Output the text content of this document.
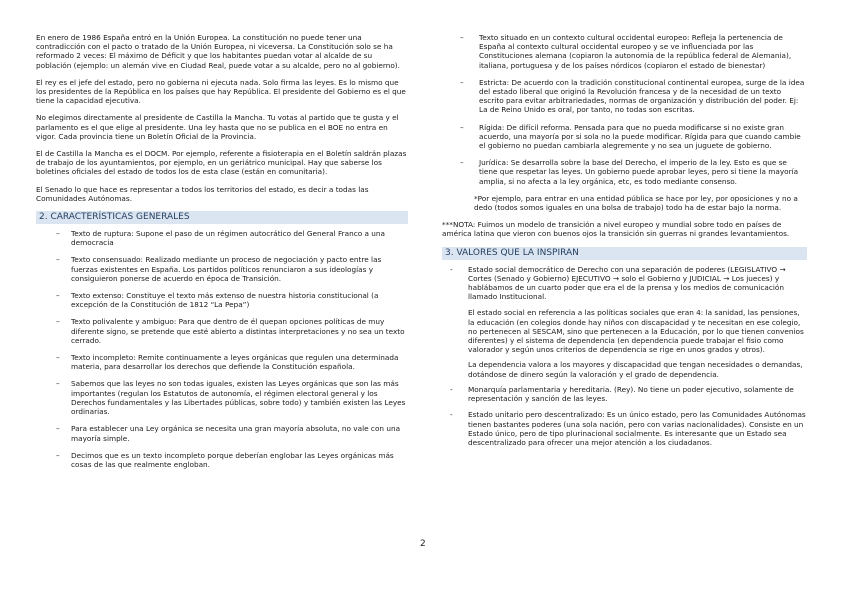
En enero de 1986 España entró en la Unión Europea. La constitución no puede tener una contradicción con el pacto o tratado de la Unión Europea, ni viceversa. La Constitución solo se ha reformado 2 veces: El máximo de Déficit y que los habitantes puedan votar al alcalde de su población (ejemplo: un alemán vive en Ciudad Real, puede votar a su alcalde, pero no al gobierno).

El rey es el jefe del estado, pero no gobierna ni ejecuta nada. Solo firma las leyes. Es lo mismo que los presidentes de la República en los países que hay República. El presidente del Gobierno es el que tiene la capacidad ejecutiva.

No elegimos directamente al presidente de Castilla la Mancha. Tu votas al partido que te gusta y el parlamento es el que elige al presidente. Una ley hasta que no se publica en el BOE no entra en vigor. Cada provincia tiene un Boletín Oficial de la Provincia.

El de Castilla la Mancha es el DOCM. Por ejemplo, referente a fisioterapia en el Boletín saldrán plazas de trabajo de los ayuntamientos, por ejemplo, en un geriátrico municipal. Hay que saberse los boletines oficiales del estado de todos los de esta clase (están en comunitaria).

El Senado lo que hace es representar a todos los territorios del estado, es decir a todas las Comunidades Autónomas.

2. CARACTERÍSTICAS GENERALES
– Texto de ruptura: Supone el paso de un régimen autocrático del General Franco a una democracia
– Texto consensuado: Realizado mediante un proceso de negociación y pacto entre las fuerzas existentes en España. Los partidos políticos renunciaron a sus ideologías y consiguieron ponerse de acuerdo en época de Transición.
– Texto extenso: Constituye el texto más extenso de nuestra historia constitucional (a excepción de la Constitución de 1812 “La Pepa”)
– Texto polivalente y ambiguo: Para que dentro de él quepan opciones políticas de muy diferente signo, se pretende que esté abierto a distintas interpretaciones y no sea un texto cerrado.
– Texto incompleto: Remite continuamente a leyes orgánicas que regulen una determinada materia, para desarrollar los derechos que defiende la Constitución española.
– Sabemos que las leyes no son todas iguales, existen las Leyes orgánicas que son las más importantes (regulan los Estatutos de autonomía, el régimen electoral general y los Derechos fundamentales y las Libertades públicas, sobre todo) y también existen las Leyes ordinarias.
– Para establecer una Ley orgánica se necesita una gran mayoría absoluta, no vale con una mayoría simple.
– Decimos que es un texto incompleto porque deberían englobar las Leyes orgánicas más cosas de las que realmente engloban.
– Texto situado en un contexto cultural occidental europeo: Refleja la pertenencia de España al contexto cultural occidental europeo y se ve influenciada por las Constituciones alemana (copiaron la autonomía de la república federal de Alemania), italiana, portuguesa y de los países nórdicos (copiaron el estado de bienestar)
– Estricta: De acuerdo con la tradición constitucional continental europea, surge de la idea del estado liberal que originó la Revolución francesa y de la necesidad de un texto escrito para evitar arbitrariedades, normas de organización y distribución del poder. Ej: La de Reino Unido es oral, por tanto, no todas son escritas.
– Rígida: De difícil reforma. Pensada para que no pueda modificarse si no existe gran acuerdo, una mayoría por si sola no la puede modificar. Rígida para que cuando cambie el gobierno no puedan cambiarla alegremente y no sea un juguete de gobierno.
– Jurídica: Se desarrolla sobre la base del Derecho, el imperio de la ley. Esto es que se tiene que respetar las leyes. Un gobierno puede aprobar leyes, pero si tiene la mayoría amplia, si no afecta a la ley orgánica, etc, es todo mediante consenso.
*Por ejemplo, para entrar en una entidad pública se hace por ley, por oposiciones y no a dedo (todos somos iguales en una bolsa de trabajo) todo ha de estar bajo la norma.
***NOTA: Fuimos un modelo de transición a nivel europeo y mundial sobre todo en países de américa latina que vieron con buenos ojos la transición sin guerras ni grandes levantamientos.
3. VALORES QUE LA INSPIRAN
- Estado social democrático de Derecho con una separación de poderes (LEGISLATIVO → Cortes (Senado y Gobierno) EJECUTIVO → solo el Gobierno y JUDICIAL → Los jueces) y hablábamos de un cuarto poder que era el de la prensa y los medios de comunicación llamado Institucional.
El estado social en referencia a las políticas sociales que eran 4: la sanidad, las pensiones, la educación (en colegios donde hay niños con discapacidad y te necesitan en ese colegio, no pertenecen al SESCAM, sino que pertenecen a la Educación, por lo que tienen convenios diferentes) y el sistema de dependencia (en dependencia puede trabajar el fisio como valorador y según unos criterios de dependencia se rige en unos grados y otros).
La dependencia valora a los mayores y discapacidad que tengan necesidades o demandas, dotándose de dinero según la valoración y el grado de dependencia.
- Monarquía parlamentaria y hereditaria. (Rey). No tiene un poder ejecutivo, solamente de representación y sanción de las leyes.
- Estado unitario pero descentralizado: Es un único estado, pero las Comunidades Autónomas tienen bastantes poderes (una sola nación, pero con varias nacionalidades). Consiste en un Estado único, pero de tipo plurinacional socialmente. Es interesante que un Estado sea descentralizado para ofrecer una mejor atención a los ciudadanos.
2
